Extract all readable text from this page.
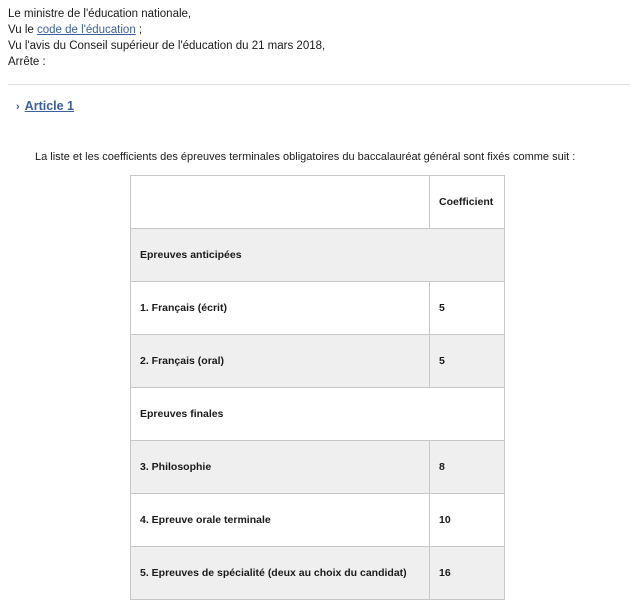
Le ministre de l'éducation nationale,
Vu le code de l'éducation ;
Vu l'avis du Conseil supérieur de l'éducation du 21 mars 2018,
Arrête :
› Article 1
La liste et les coefficients des épreuves terminales obligatoires du baccalauréat général sont fixés comme suit :
	Coefficient
Epreuves anticipées	
1. Français (écrit)	5
2. Français (oral)	5
Epreuves finales	
3. Philosophie	8
4. Epreuve orale terminale	10
5. Epreuves de spécialité (deux au choix du candidat)	16
